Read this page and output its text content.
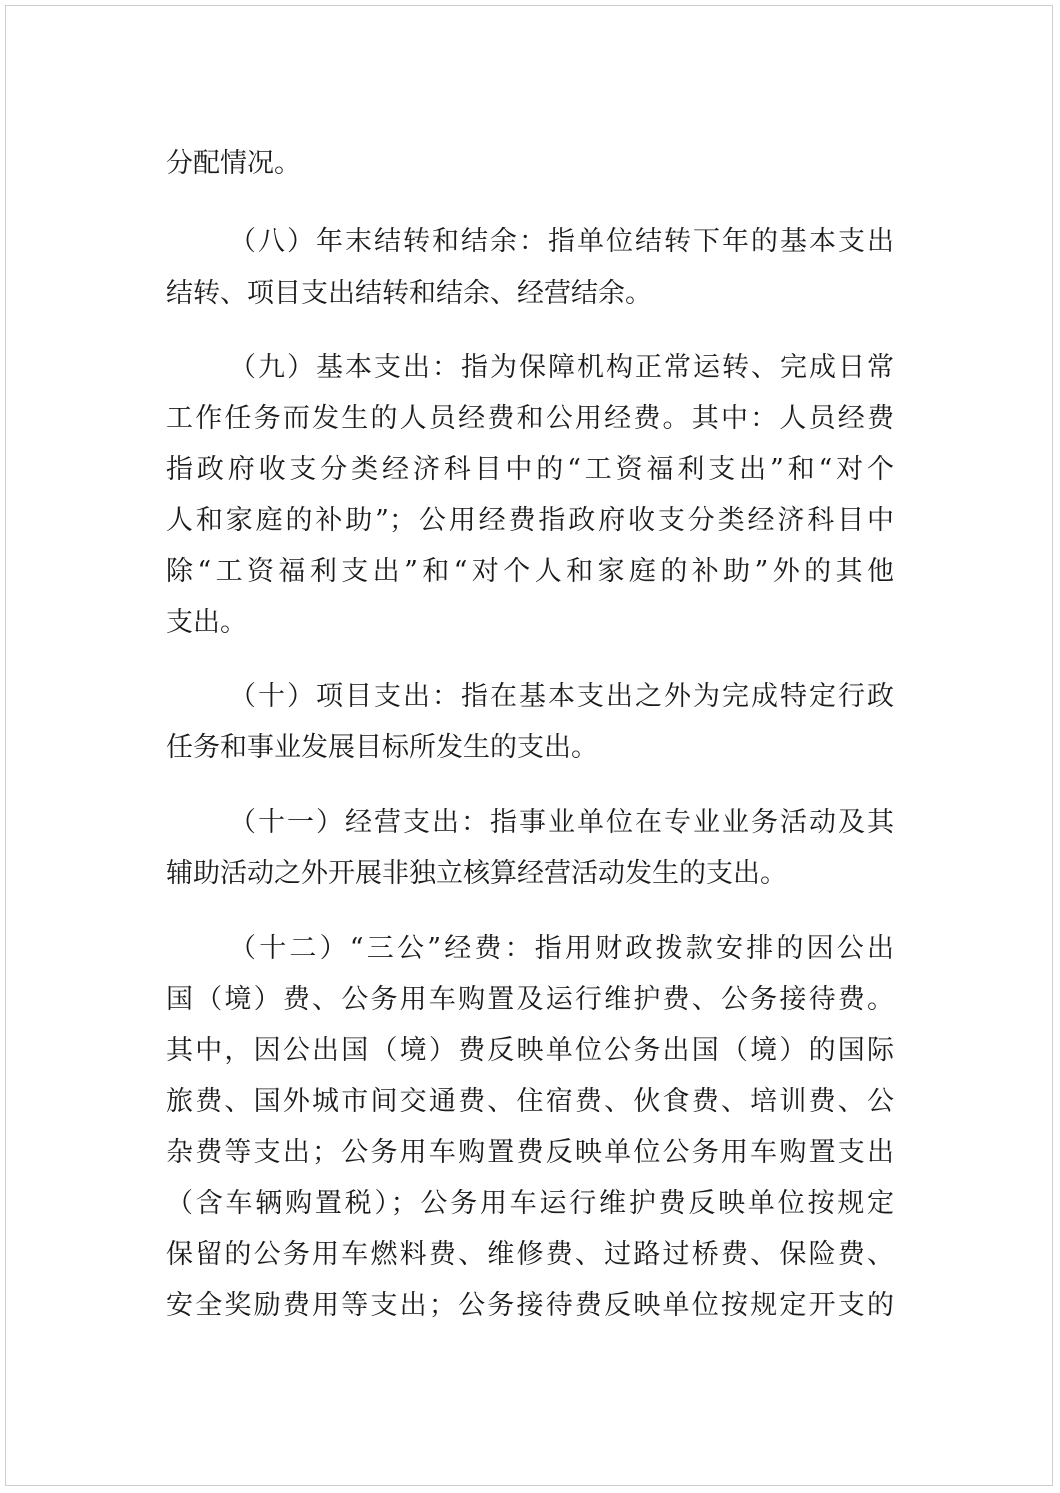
分配情况。
（八）年末结转和结余：指单位结转下年的基本支出
结转、项目支出结转和结余、经营结余。
（九）基本支出：指为保障机构正常运转、完成日常
工作任务而发生的人员经费和公用经费。其中：人员经费
指政府收支分类经济科目中的“工资福利支出”和“对个
人和家庭的补助”；公用经费指政府收支分类经济科目中
除“工资福利支出”和“对个人和家庭的补助”外的其他
支出。
（十）项目支出：指在基本支出之外为完成特定行政
任务和事业发展目标所发生的支出。
（十一）经营支出：指事业单位在专业业务活动及其
辅助活动之外开展非独立核算经营活动发生的支出。
（十二）“三公”经费：指用财政拨款安排的因公出
国（境）费、公务用车购置及运行维护费、公务接待费。
其中，因公出国（境）费反映单位公务出国（境）的国际
旅费、国外城市间交通费、住宿费、伙食费、培训费、公
杂费等支出；公务用车购置费反映单位公务用车购置支出
（含车辆购置税）；公务用车运行维护费反映单位按规定
保留的公务用车燃料费、维修费、过路过桥费、保险费、
安全奖励费用等支出；公务接待费反映单位按规定开支的
